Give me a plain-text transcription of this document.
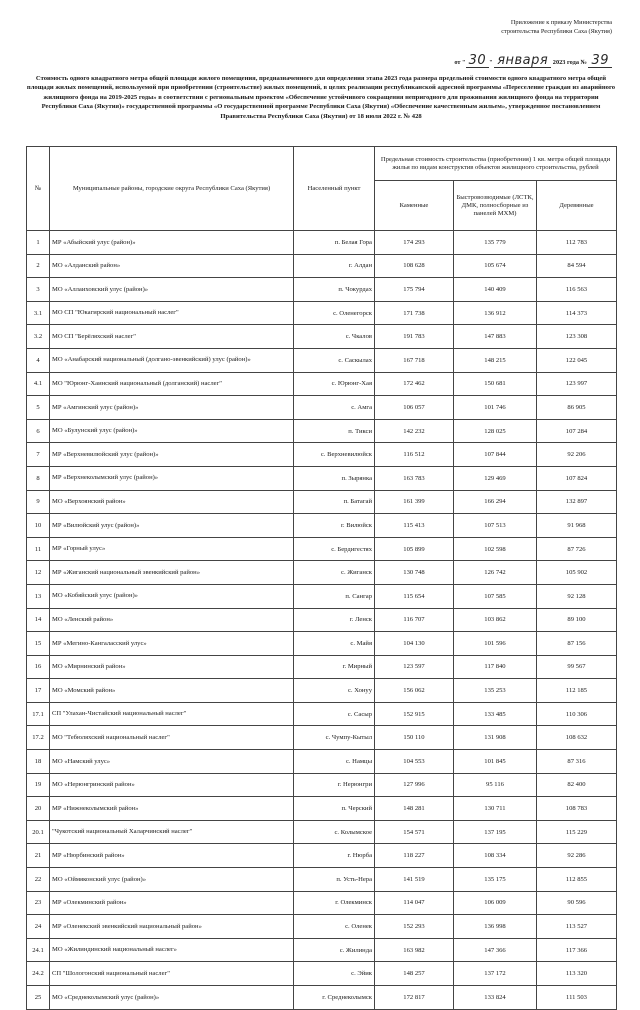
Приложение к приказу Министерства
строительства Республики Саха (Якутия)
от " 30 " января 2023 года № 39
Стоимость одного квадратного метра общей площади жилого помещения, предназначенного для определения этапа 2023 года размера предельной стоимости одного квадратного метра общей площади жилых помещений, используемой при приобретении (строительстве) жилых помещений, в целях реализации республиканской адресной программы «Переселение граждан из аварийного жилищного фонда на 2019-2025 годы» в соответствии с региональным проектом «Обеспечение устойчивого сокращения непригодного для проживания жилищного фонда на территории Республики Саха (Якутия)» государственной программы «О государственной программе Республики Саха (Якутия) «Обеспечение качественным жильем», утвержденное постановлением Правительства Республики Саха (Якутия) от 18 июля 2022 г. № 428
№	Муниципальные районы, городские округа Республики Саха (Якутия)	Населенный пункт	Предельная стоимость строительства (приобретения) 1 кв. метра общей площади жилья по видам конструктив объектов жилищного строительства, рублей		
			Каменные	Быстровозводимые (ЛСТК, ДМК, полносборные из панелей МХМ)	Деревянные
1	МР «Абыйский улус (район)»	п. Белая Гора	174 293	135 779	112 783
2	МО «Алданский район»	г. Алдан	108 628	105 674	84 594
3	МО «Аллаиховский улус (район)»	п. Чокурдах	175 794	140 409	116 563
3.1	МО СП "Юкагирский национальный наслег"	с. Оленегорск	171 738	136 912	114 373
3.2	МО СП "Берёляхский наслег"	с. Чкалов	191 783	147 883	123 308
4	МО «Анабарский национальный (долгано-эвенкийский) улус (район)»	с. Саскылах	167 718	148 215	122 045
4.1	МО "Юрюнг-Хаинский национальный (долганский) наслег"	с. Юрюнг-Хая	172 462	150 681	123 997
5	МР «Амгинский улус (район)»	с. Амга	106 057	101 746	86 905
6	МО «Булунский улус (район)»	п. Тикси	142 232	128 025	107 284
7	МР «Верхневилюйский улус (район)»	с. Верхневилюйск	116 512	107 844	92 206
8	МР «Верхнеколымский улус (район)»	п. Зырянка	163 783	129 469	107 824
9	МО «Верхоянский район»	п. Батагай	161 399	166 294	132 897
10	МР «Вилюйский улус (район)»	г. Вилюйск	115 413	107 513	91 968
11	МР «Горный улус»	с. Бердигестях	105 899	102 598	87 726
12	МР «Жиганский национальный эвенкийский район»	с. Жиганск	130 748	126 742	105 902
13	МО «Кобяйский улус (район)»	п. Сангар	115 654	107 585	92 128
14	МО «Ленский район»	г. Ленск	116 707	103 862	89 100
15	МР «Мегино-Кангаласский улус»	с. Майя	104 130	101 596	87 156
16	МО «Мирнинский район»	г. Мирный	123 597	117 840	99 567
17	МО «Момский район»	с. Хонуу	156 062	135 253	112 185
17.1	СП "Улахан-Чистайский национальный наслег"	с. Сасыр	152 915	133 485	110 306
17.2	МО "Тебюляхский национальный наслег"	с. Чумпу-Кытыл	150 110	131 908	108 632
18	МО «Намский улус»	с. Намцы	104 553	101 845	87 316
19	МО «Нерюнгринский район»	г. Нерюнгри	127 996	95 116	82 400
20	МР «Нижнеколымский район»	п. Черский	148 281	130 711	108 783
20.1	"Чукотский национальный Халарчинский наслег"	с. Колымское	154 571	137 195	115 229
21	МР «Нюрбинский район»	г. Нюрба	118 227	108 334	92 286
22	МО «Оймяконский улус (район)»	п. Усть-Нера	141 519	135 175	112 855
23	МР «Олекминский район»	г. Олекминск	114 047	106 009	90 596
24	МР «Оленекский эвенкийский национальный район»	с. Оленек	152 293	136 998	113 527
24.1	МО «Жилиндинский национальный наслег»	с. Жилинда	163 982	147 366	117 366
24.2	СП "Шологонский национальный наслег"	с. Эйик	148 257	137 172	113 320
25	МО «Среднеколымский улус (район)»	г. Среднеколымск	172 817	133 824	111 503
